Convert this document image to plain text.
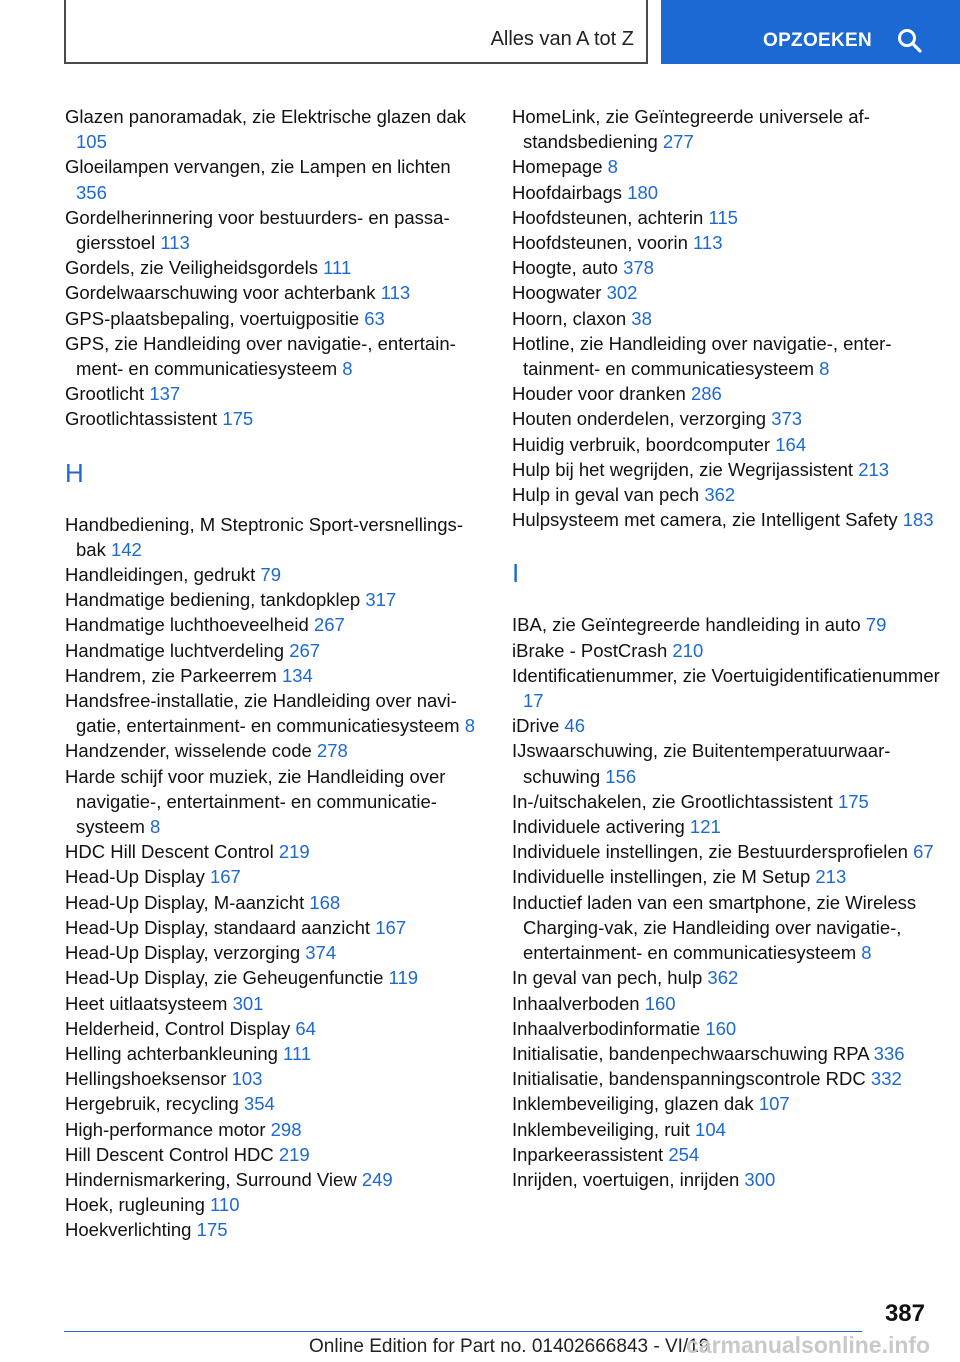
Alles van A tot Z	OPZOEKEN

Glazen panoramadak, zie Elektrische glazen dak 105

Gloeilampen vervangen, zie Lampen en lichten 356

Gordelherinnering voor bestuurders- en passagiersstoel 113

Gordels, zie Veiligheidsgordels 111

Gordelwaarschuwing voor achterbank 113

GPS-plaatsbepaling, voertuigpositie 63

GPS, zie Handleiding over navigatie-, entertainment- en communicatiesysteem 8

Grootlicht 137

Grootlichtassistent 175

H

Handbediening, M Steptronic Sport-versnellingsbak 142

Handleidingen, gedrukt 79

Handmatige bediening, tankdopklep 317

Handmatige luchthoeveelheid 267

Handmatige luchtverdeling 267

Handrem, zie Parkeerrem 134

Handsfree-installatie, zie Handleiding over navigatie, entertainment- en communicatiesysteem 8

Handzender, wisselende code 278

Harde schijf voor muziek, zie Handleiding over navigatie-, entertainment- en communicatiesysteem 8

HDC Hill Descent Control 219

Head-Up Display 167

Head-Up Display, M-aanzicht 168

Head-Up Display, standaard aanzicht 167

Head-Up Display, verzorging 374

Head-Up Display, zie Geheugenfunctie 119

Heet uitlaatsysteem 301

Helderheid, Control Display 64

Helling achterbankleuning 111

Hellingshoeksensor 103

Hergebruik, recycling 354

High-performance motor 298

Hill Descent Control HDC 219

Hindernismarkering, Surround View 249

Hoek, rugleuning 110

Hoekverlichting 175

HomeLink, zie Geïntegreerde universele afstandsbediening 277

Homepage 8

Hoofdairbags 180

Hoofdsteunen, achterin 115

Hoofdsteunen, voorin 113

Hoogte, auto 378

Hoogwater 302

Hoorn, claxon 38

Hotline, zie Handleiding over navigatie-, entertainment- en communicatiesysteem 8

Houder voor dranken 286

Houten onderdelen, verzorging 373

Huidig verbruik, boordcomputer 164

Hulp bij het wegrijden, zie Wegrijassistent 213

Hulp in geval van pech 362

Hulpsysteem met camera, zie Intelligent Safety 183

I

IBA, zie Geïntegreerde handleiding in auto 79

iBrake - PostCrash 210

Identificatienummer, zie Voertuigidentificatienummer 17

iDrive 46

IJswaarschuwing, zie Buitentemperatuurwaarschuwing 156

In-/uitschakelen, zie Grootlichtassistent 175

Individuele activering 121

Individuele instellingen, zie Bestuurdersprofielen 67

Individuelle instellingen, zie M Setup 213

Inductief laden van een smartphone, zie Wireless Charging-vak, zie Handleiding over navigatie-, entertainment- en communicatiesysteem 8

In geval van pech, hulp 362

Inhaalverboden 160

Inhaalverbodinformatie 160

Initialisatie, bandenpechwaarschuwing RPA 336

Initialisatie, bandenspanningscontrole RDC 332

Inklembeveiliging, glazen dak 107

Inklembeveiliging, ruit 104

Inparkeerassistent 254

Inrijden, voertuigen, inrijden 300

387
Online Edition for Part no. 01402666843 - VI/19
carmanualsonline.info
